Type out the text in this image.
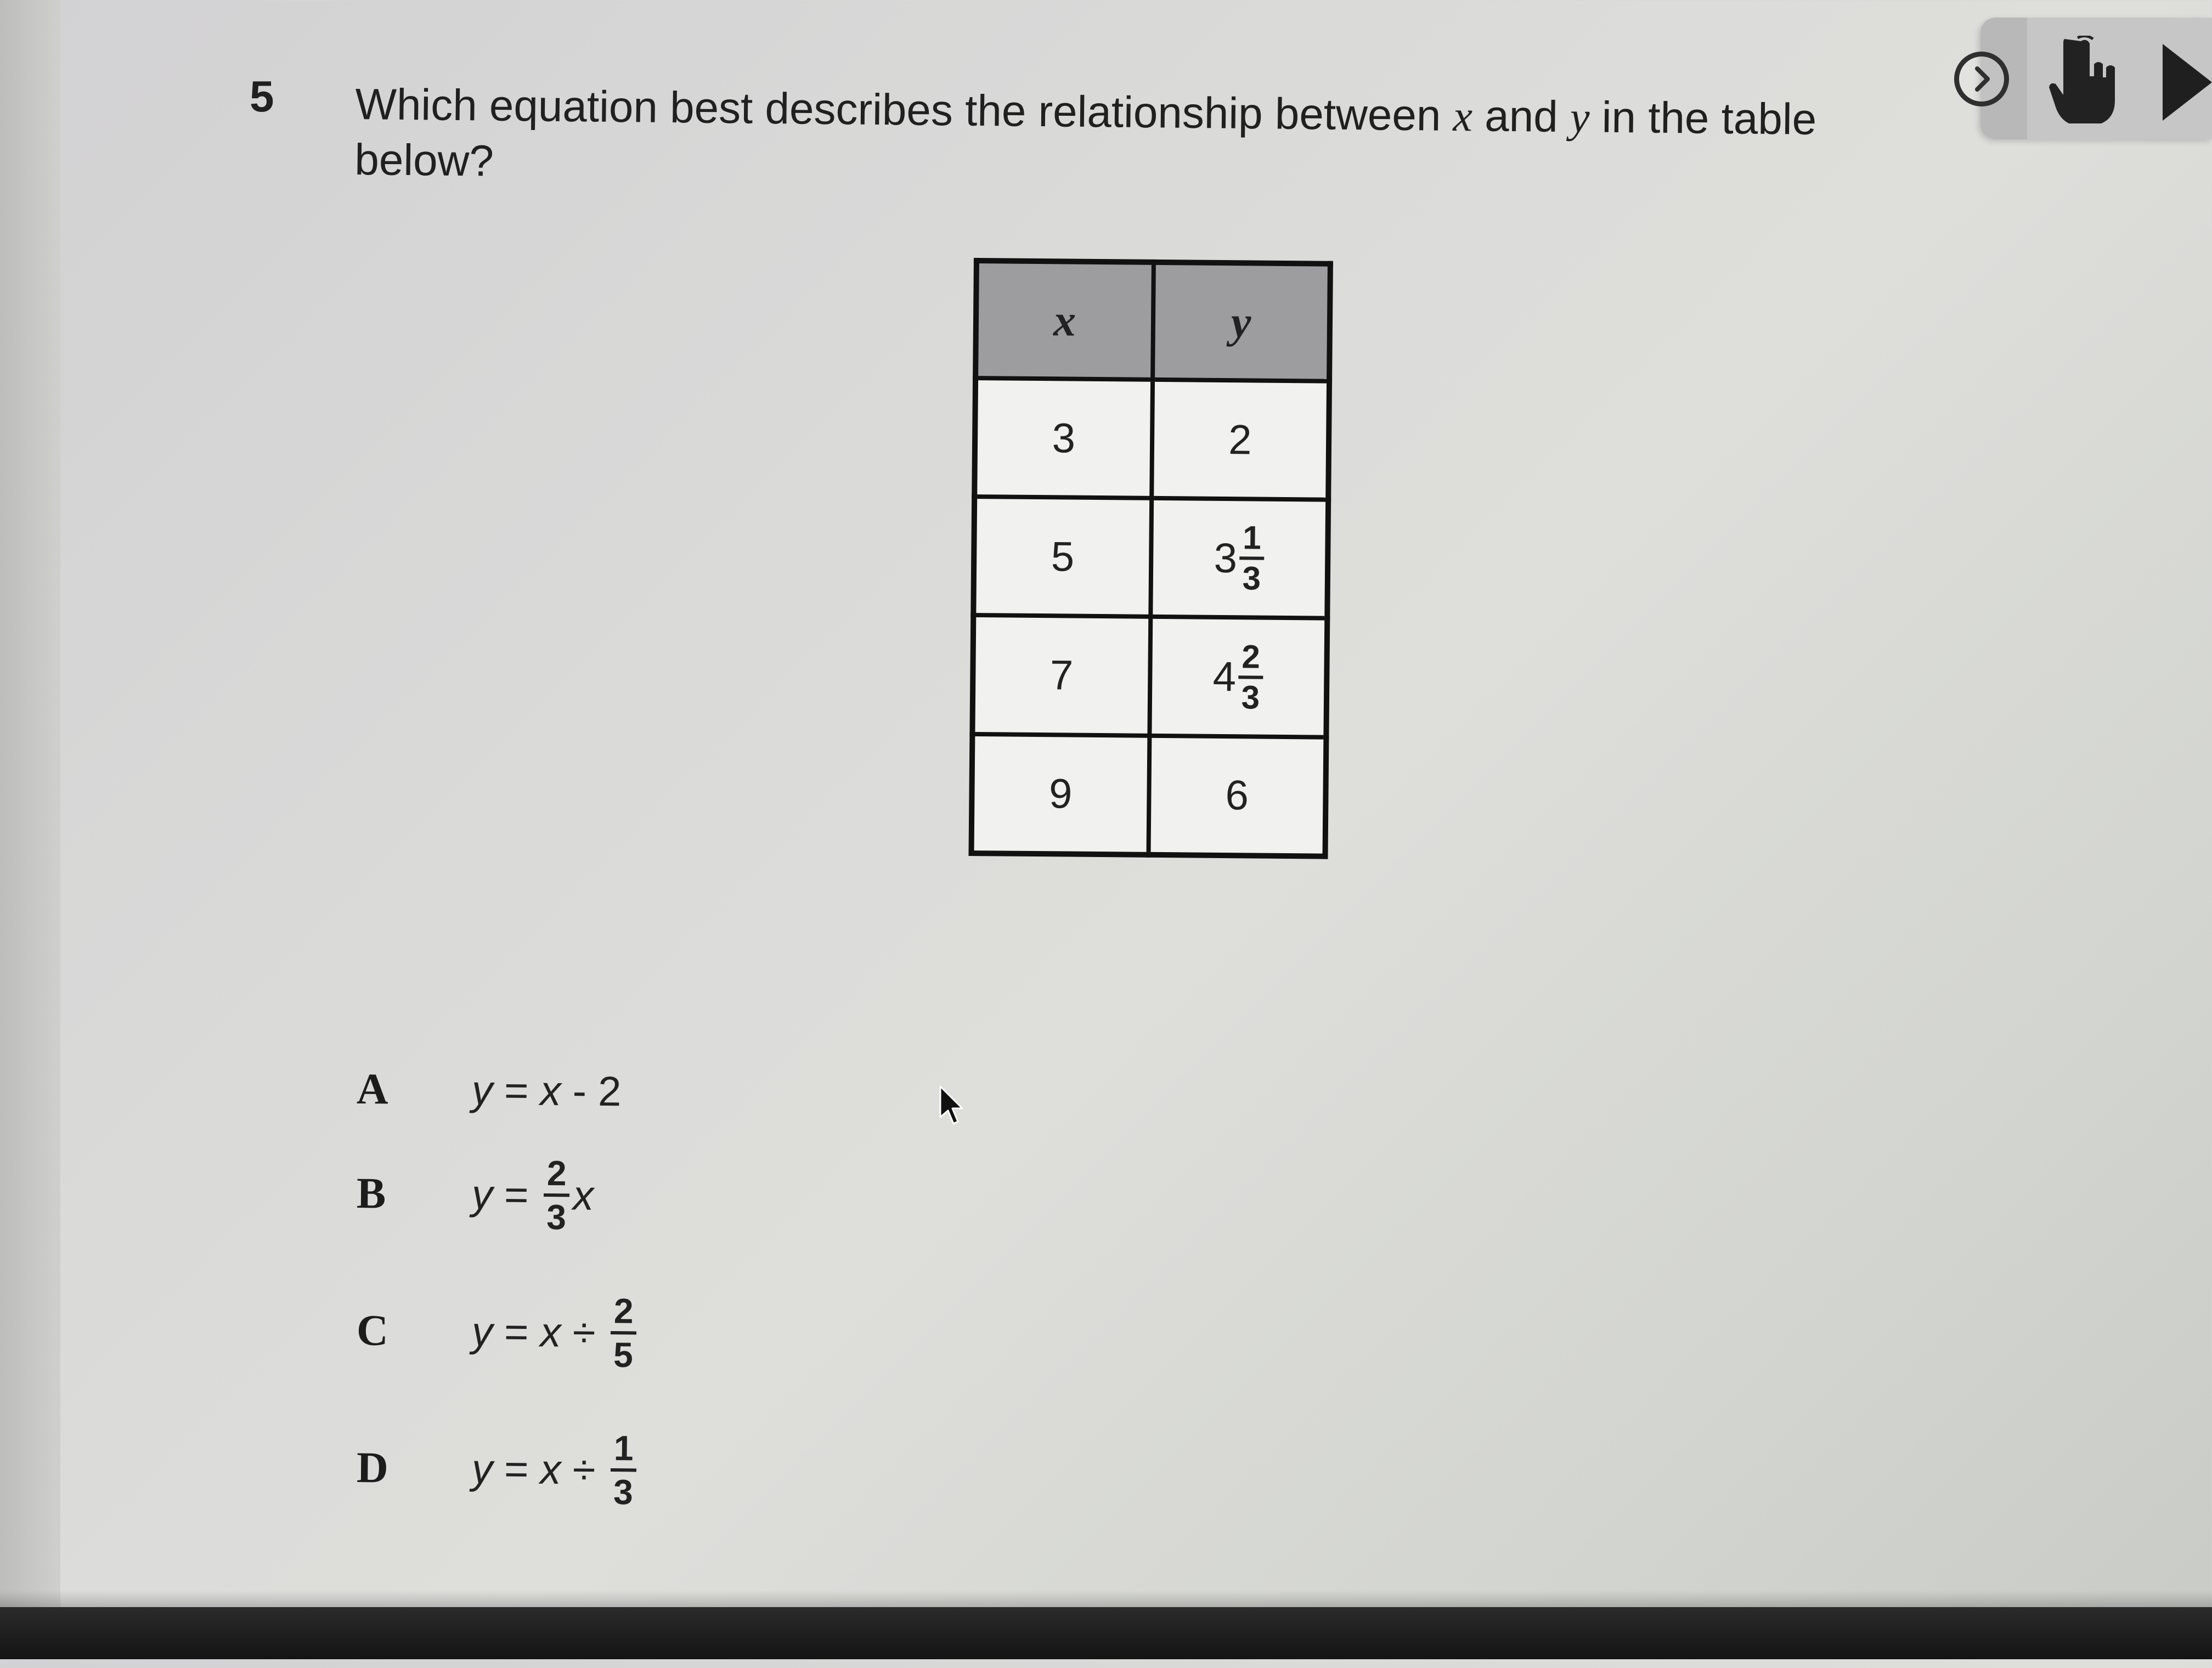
5 Which equation best describes the relationship between x and y in the table below?
x	y
3	2
5	$3 \frac{1}{3}$

7	$4 \frac{2}{3}$

9	6
A	y = x - 2
B	$y = \frac{2}{3}$ x
C	$y = x \div \frac{2}{5}$
D	$y = x \div \frac{1}{3}$
